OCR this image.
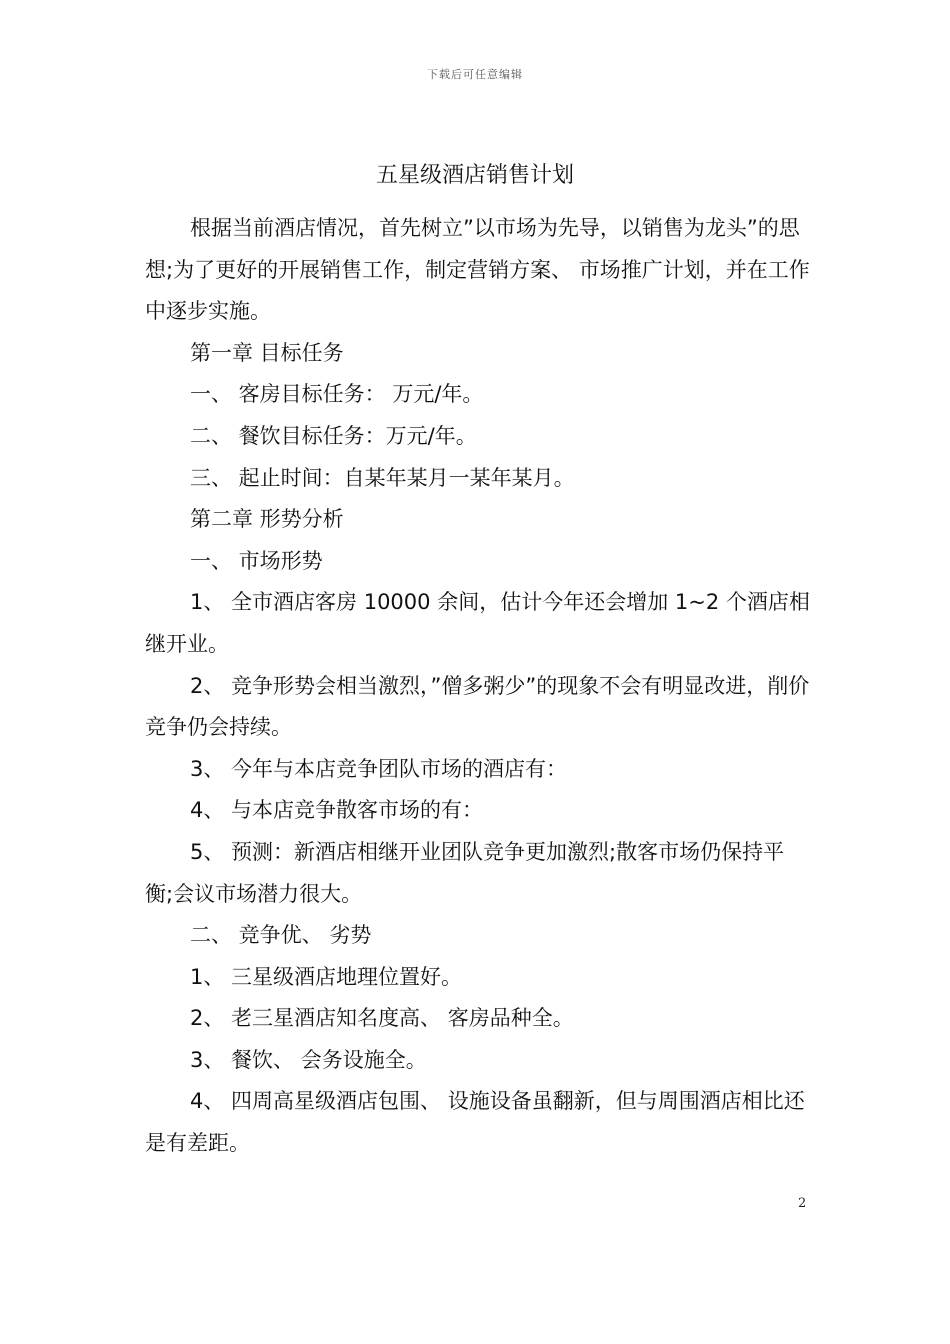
下载后可任意编辑
五星级酒店销售计划

根据当前酒店情况，首先树立”以市场为先导，以销售为龙头”的思想;为了更好的开展销售工作，制定营销方案、 市场推广计划，并在工作中逐步实施。

第一章 目标任务

一、 客房目标任务： 万元/年。

二、 餐饮目标任务：万元/年。

三、 起止时间：自某年某月一某年某月。

第二章 形势分析

一、 市场形势

1、 全市酒店客房 10000 余间，估计今年还会增加 1~2 个酒店相继开业。

2、 竞争形势会相当激烈，”僧多粥少”的现象不会有明显改进，削价竞争仍会持续。

3、 今年与本店竞争团队市场的酒店有：

4、 与本店竞争散客市场的有：

5、 预测：新酒店相继开业团队竞争更加激烈;散客市场仍保持平衡;会议市场潜力很大。

二、 竞争优、 劣势

1、 三星级酒店地理位置好。

2、 老三星酒店知名度高、 客房品种全。

3、 餐饮、 会务设施全。

4、 四周高星级酒店包围、 设施设备虽翻新，但与周围酒店相比还是有差距。

2
